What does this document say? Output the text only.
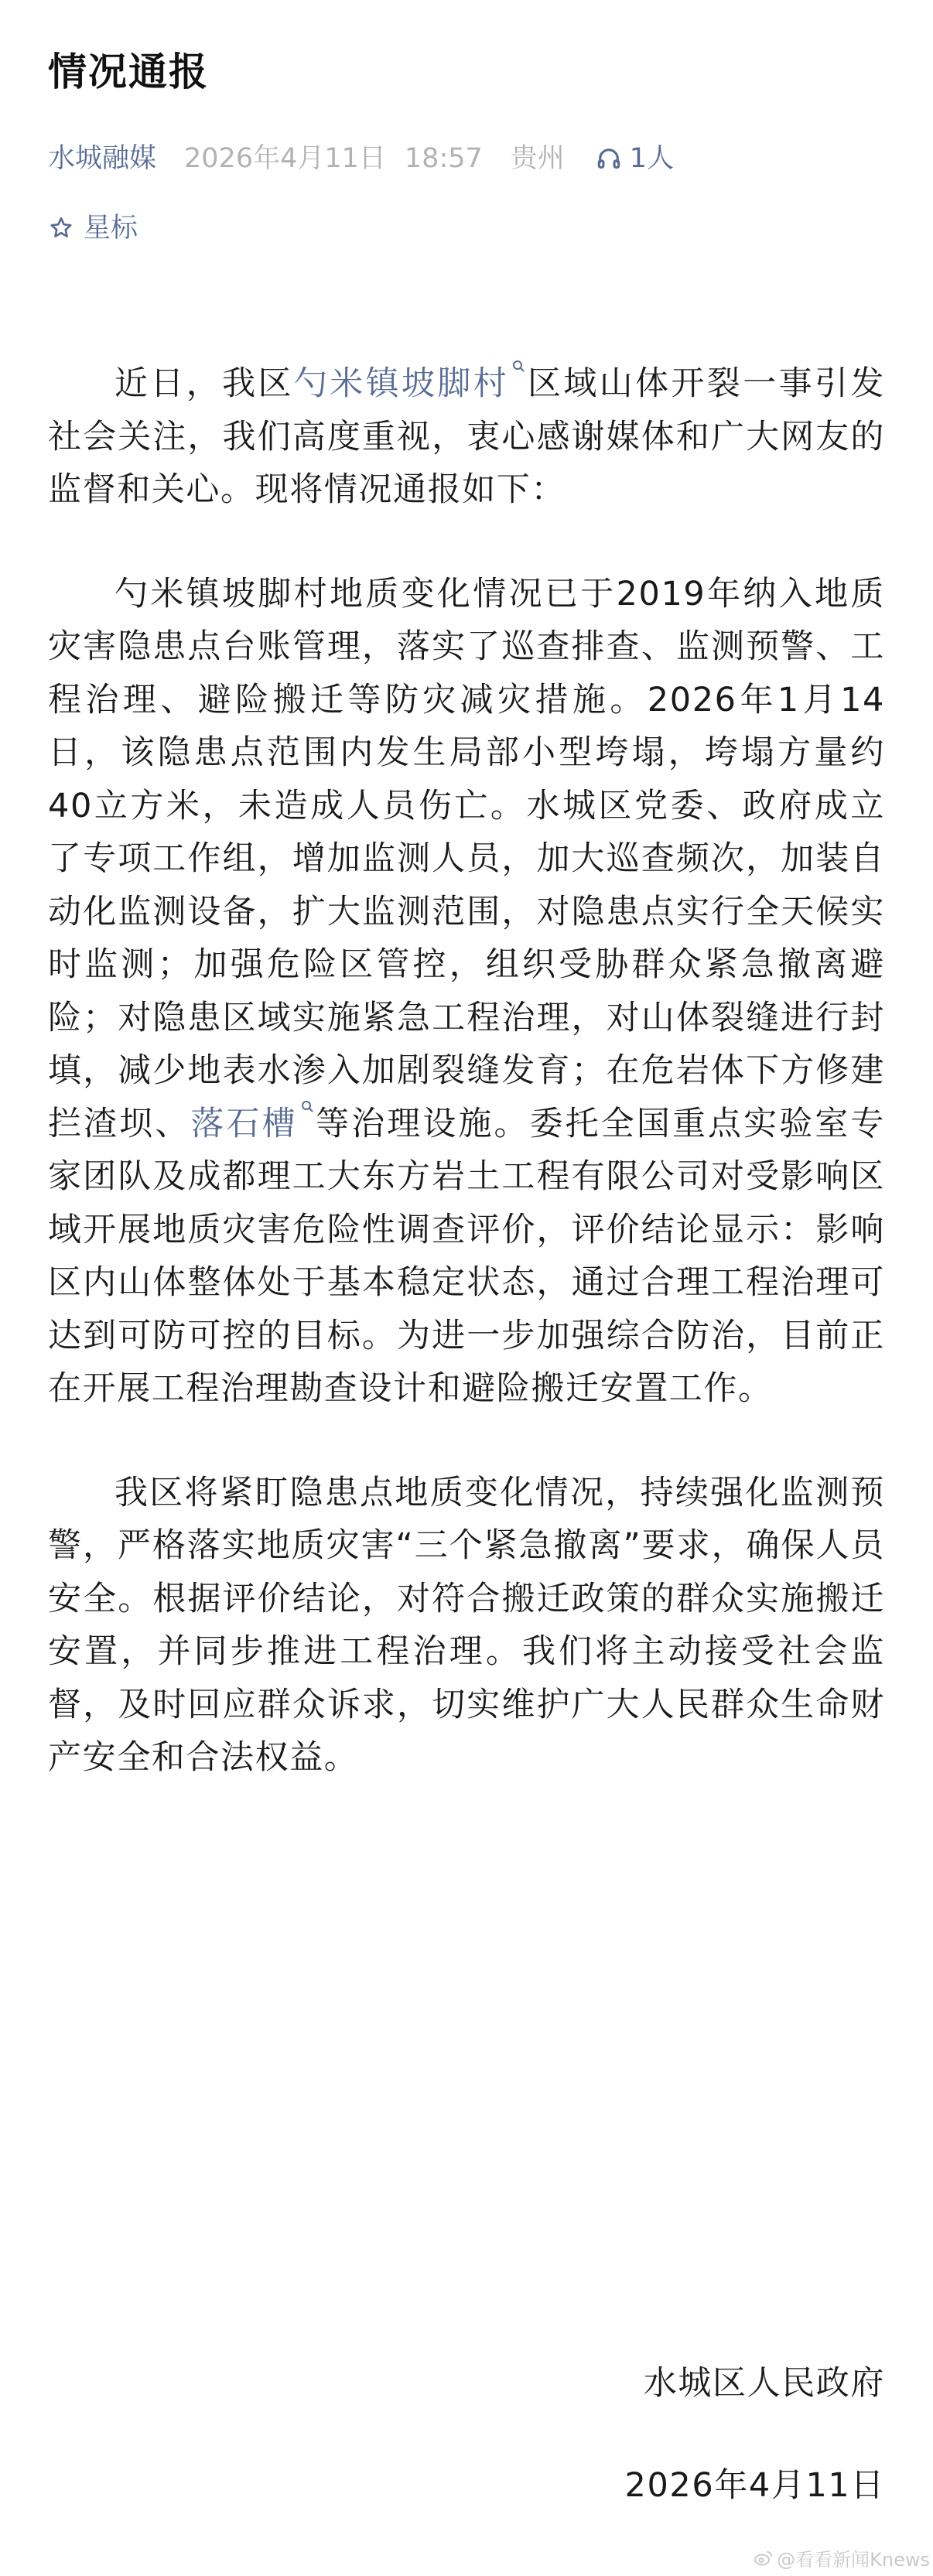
情况通报
水城融媒 2026年4月11日 18:57 贵州 1人
星标

近日，我区勺米镇坡脚村 区域山体开裂一事引发社会关注，我们高度重视，衷心感谢媒体和广大网友的监督和关心。现将情况通报如下：

勺米镇坡脚村地质变化情况已于2019年纳入地质灾害隐患点台账管理，落实了巡查排查、监测预警、工程治理、避险搬迁等防灾减灾措施。2026年1月14日，该隐患点范围内发生局部小型垮塌，垮塌方量约40立方米，未造成人员伤亡。水城区党委、政府成立了专项工作组，增加监测人员，加大巡查频次，加装自动化监测设备，扩大监测范围，对隐患点实行全天候实时监测；加强危险区管控，组织受胁群众紧急撤离避险；对隐患区域实施紧急工程治理，对山体裂缝进行封填，减少地表水渗入加剧裂缝发育；在危岩体下方修建拦渣坝、落石槽 等治理设施。委托全国重点实验室专家团队及成都理工大东方岩土工程有限公司对受影响区域开展地质灾害危险性调查评价，评价结论显示：影响区内山体整体处于基本稳定状态，通过合理工程治理可达到可防可控的目标。为进一步加强综合防治，目前正在开展工程治理勘查设计和避险搬迁安置工作。

我区将紧盯隐患点地质变化情况，持续强化监测预警，严格落实地质灾害“三个紧急撤离”要求，确保人员安全。根据评价结论，对符合搬迁政策的群众实施搬迁安置，并同步推进工程治理。我们将主动接受社会监督，及时回应群众诉求，切实维护广大人民群众生命财产安全和合法权益。

水城区人民政府
2026年4月11日
@看看新闻Knews
